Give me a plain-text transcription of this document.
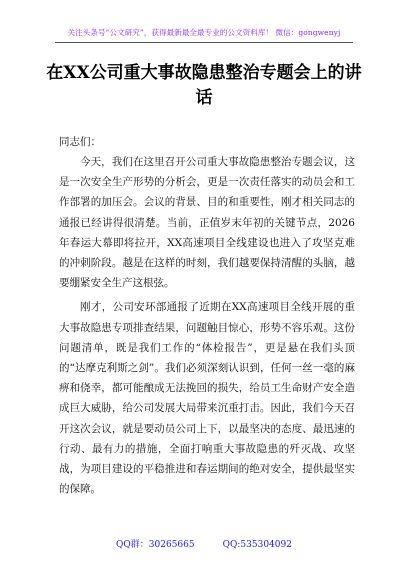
关注头条号“公文研究”，获得最新最全最专业的公文资料库！ 微信：gongwenyj
在XX公司重大事故隐患整治专题会上的讲话
同志们：

今天，我们在这里召开公司重大事故隐患整治专题会议，这是一次安全生产形势的分析会，更是一次责任落实的动员会和工作部署的加压会。会议的背景、目的和重要性，刚才相关同志的通报已经讲得很清楚。当前，正值岁末年初的关键节点，2026年春运大幕即将拉开，XX高速项目全线建设也进入了攻坚克难的冲刺阶段。越是在这样的时刻，我们越要保持清醒的头脑，越要绷紧安全生产这根弦。

刚才，公司安环部通报了近期在XX高速项目全线开展的重大事故隐患专项排查结果，问题触目惊心，形势不容乐观。这份问题清单，既是我们工作的“体检报告”，更是悬在我们头顶的“达摩克利斯之剑”。我们必须深刻认识到，任何一丝一毫的麻痹和侥幸，都可能酿成无法挽回的损失，给员工生命财产安全造成巨大威胁，给公司发展大局带来沉重打击。因此，我们今天召开这次会议，就是要动员公司上下，以最坚决的态度、最迅速的行动、最有力的措施，全面打响重大事故隐患的歼灭战、攻坚战，为项目建设的平稳推进和春运期间的绝对安全，提供最坚实的保障。

QQ群：30265665	QQ:535304092
